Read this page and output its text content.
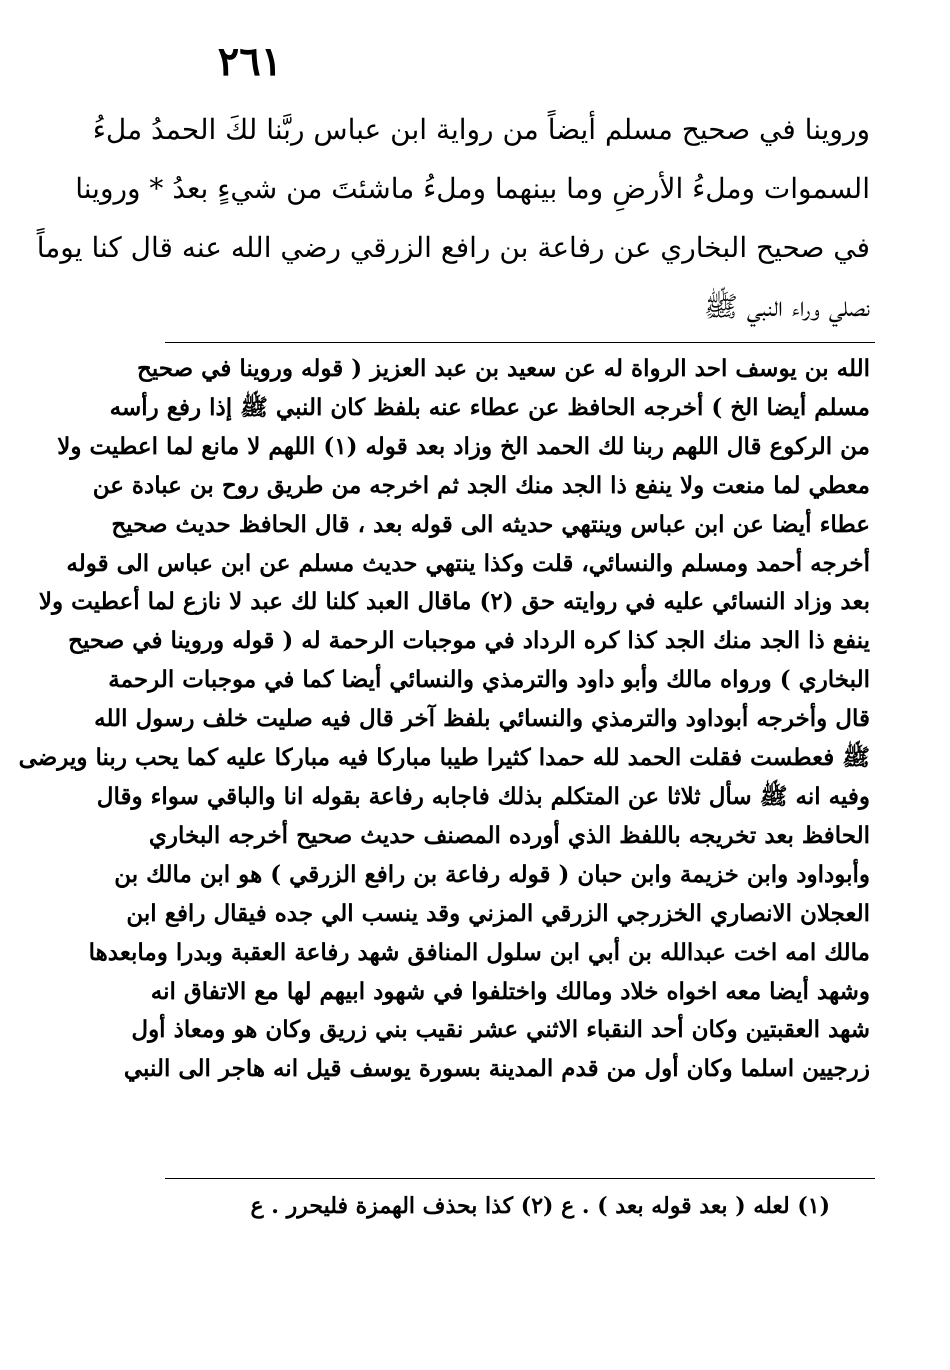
٢٦١
وروينا في صحيح مسلم أيضاً من رواية ابن عباس ربَّنا لكَ الحمدُ ملءُ
السموات وملءُ الأرضِ وما بينهما وملءُ ماشئتَ من شيءٍ بعدُ * وروينا
في صحيح البخاري عن رفاعة بن رافع الزرقي رضي الله عنه قال كنا يوماً
نصلي وراء النبي ﷺ
الله بن يوسف احد الرواة له عن سعيد بن عبد العزيز ( قوله وروينا في صحيح
مسلم أيضا الخ ) أخرجه الحافظ عن عطاء عنه بلفظ كان النبي ﷺ إذا رفع رأسه
من الركوع قال اللهم ربنا لك الحمد الخ وزاد بعد قوله (١) اللهم لا مانع لما اعطيت ولا
معطي لما منعت ولا ينفع ذا الجد منك الجد ثم اخرجه من طريق روح بن عبادة عن
عطاء أيضا عن ابن عباس وينتهي حديثه الى قوله بعد ، قال الحافظ حديث صحيح
أخرجه أحمد ومسلم والنسائي، قلت وكذا ينتهي حديث مسلم عن ابن عباس الى قوله
بعد وزاد النسائي عليه في روايته حق (٢) ماقال العبد كلنا لك عبد لا نازع لما أعطيت ولا
ينفع ذا الجد منك الجد كذا كره الرداد في موجبات الرحمة له ( قوله وروينا في صحيح
البخاري ) ورواه مالك وأبو داود والترمذي والنسائي أيضا كما في موجبات الرحمة
قال وأخرجه أبوداود والترمذي والنسائي بلفظ آخر قال فيه صليت خلف رسول الله
ﷺ فعطست فقلت الحمد لله حمدا كثيرا طيبا مباركا فيه مباركا عليه كما يحب ربنا ويرضى
وفيه انه ﷺ سأل ثلاثا عن المتكلم بذلك فاجابه رفاعة بقوله انا والباقي سواء وقال
الحافظ بعد تخريجه باللفظ الذي أورده المصنف حديث صحيح أخرجه البخاري
وأبوداود وابن خزيمة وابن حبان ( قوله رفاعة بن رافع الزرقي ) هو ابن مالك بن
العجلان الانصاري الخزرجي الزرقي المزني وقد ينسب الي جده فيقال رافع ابن
مالك امه اخت عبدالله بن أبي ابن سلول المنافق شهد رفاعة العقبة وبدرا ومابعدها
وشهد أيضا معه اخواه خلاد ومالك واختلفوا في شهود ابيهم لها مع الاتفاق انه
شهد العقبتين وكان أحد النقباء الاثني عشر نقيب بني زريق وكان هو ومعاذ أول
زرجيين اسلما وكان أول من قدم المدينة بسورة يوسف قيل انه هاجر الى النبي
(١) لعله ( بعد قوله بعد ) . ع (٢) كذا بحذف الهمزة فليحرر . ع
